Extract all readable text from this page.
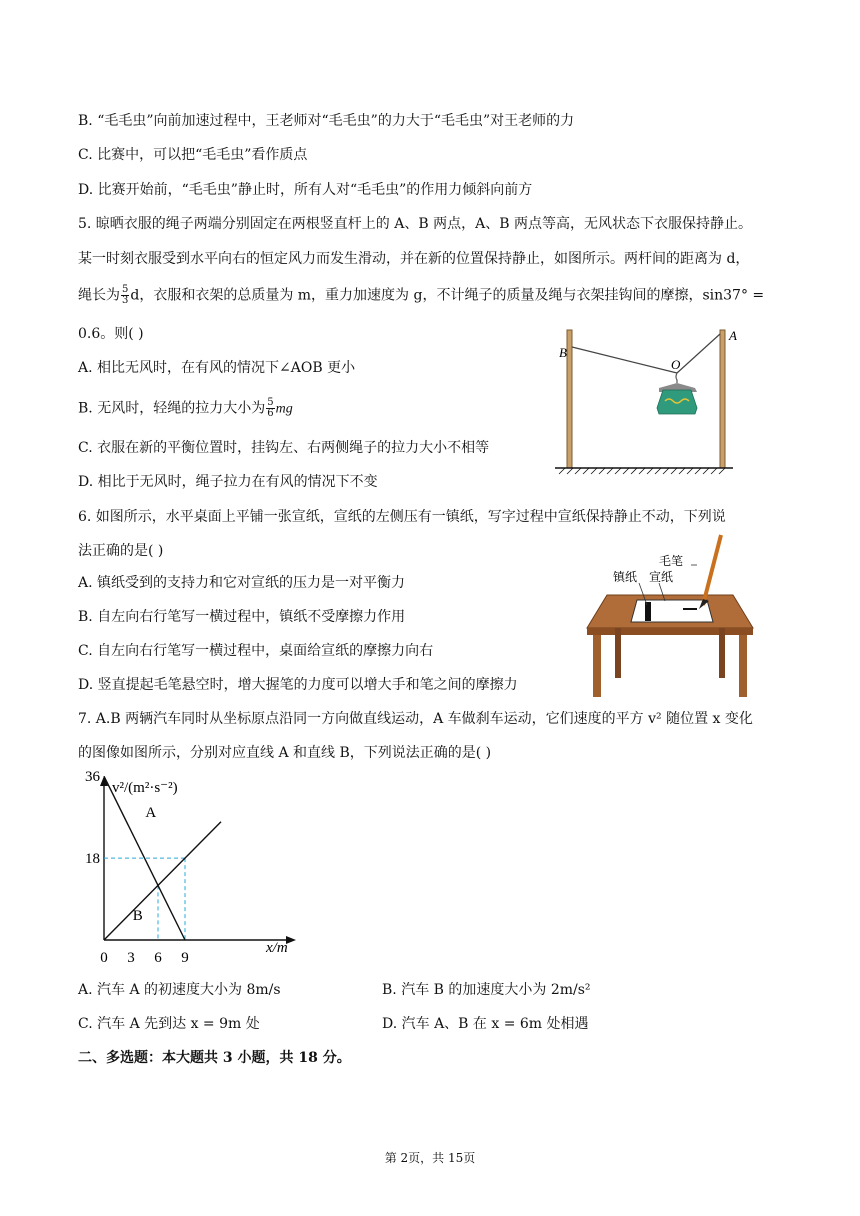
B. “毛毛虫”向前加速过程中，王老师对“毛毛虫”的力大于“毛毛虫”对王老师的力
C. 比赛中，可以把“毛毛虫”看作质点
D. 比赛开始前，“毛毛虫”静止时，所有人对“毛毛虫”的作用力倾斜向前方
5. 晾晒衣服的绳子两端分别固定在两根竖直杆上的 A、B 两点，A、B 两点等高，无风状态下衣服保持静止。
某一时刻衣服受到水平向右的恒定风力而发生滑动，并在新的位置保持静止，如图所示。两杆间的距离为 d，
绳长为 $\frac{5}{3}$ d，衣服和衣架的总质量为 m，重力加速度为 g，不计绳子的质量及绳与衣架挂钩间的摩擦，sin37° =
0.6。则( )
A. 相比无风时，在有风的情况下∠AOB 更小
B. 无风时，轻绳的拉力大小为 $\frac{5}{6}$ mg
C. 衣服在新的平衡位置时，挂钩左、右两侧绳子的拉力大小不相等
D. 相比于无风时，绳子拉力在有风的情况下不变
B
A
O
6. 如图所示，水平桌面上平铺一张宣纸，宣纸的左侧压有一镇纸，写字过程中宣纸保持静止不动，下列说
法正确的是( )
A. 镇纸受到的支持力和它对宣纸的压力是一对平衡力
B. 自左向右行笔写一横过程中，镇纸不受摩擦力作用
C. 自左向右行笔写一横过程中，桌面给宣纸的摩擦力向右
D. 竖直提起毛笔悬空时，增大握笔的力度可以增大手和笔之间的摩擦力
毛笔
镇纸 宣纸
7. A.B 两辆汽车同时从坐标原点沿同一方向做直线运动，A 车做刹车运动，它们速度的平方 v² 随位置 x 变化
的图像如图所示，分别对应直线 A 和直线 B，下列说法正确的是( )
A
B
0 3 6 9
18
36
v²/(m²·s⁻²)
x/m
A. 汽车 A 的初速度大小为 8m/s	B. 汽车 B 的加速度大小为 2m/s²
C. 汽车 A 先到达 x = 9m 处	D. 汽车 A、B 在 x = 6m 处相遇
二、多选题：本大题共 3 小题，共 18 分。
第 2页，共 15页
